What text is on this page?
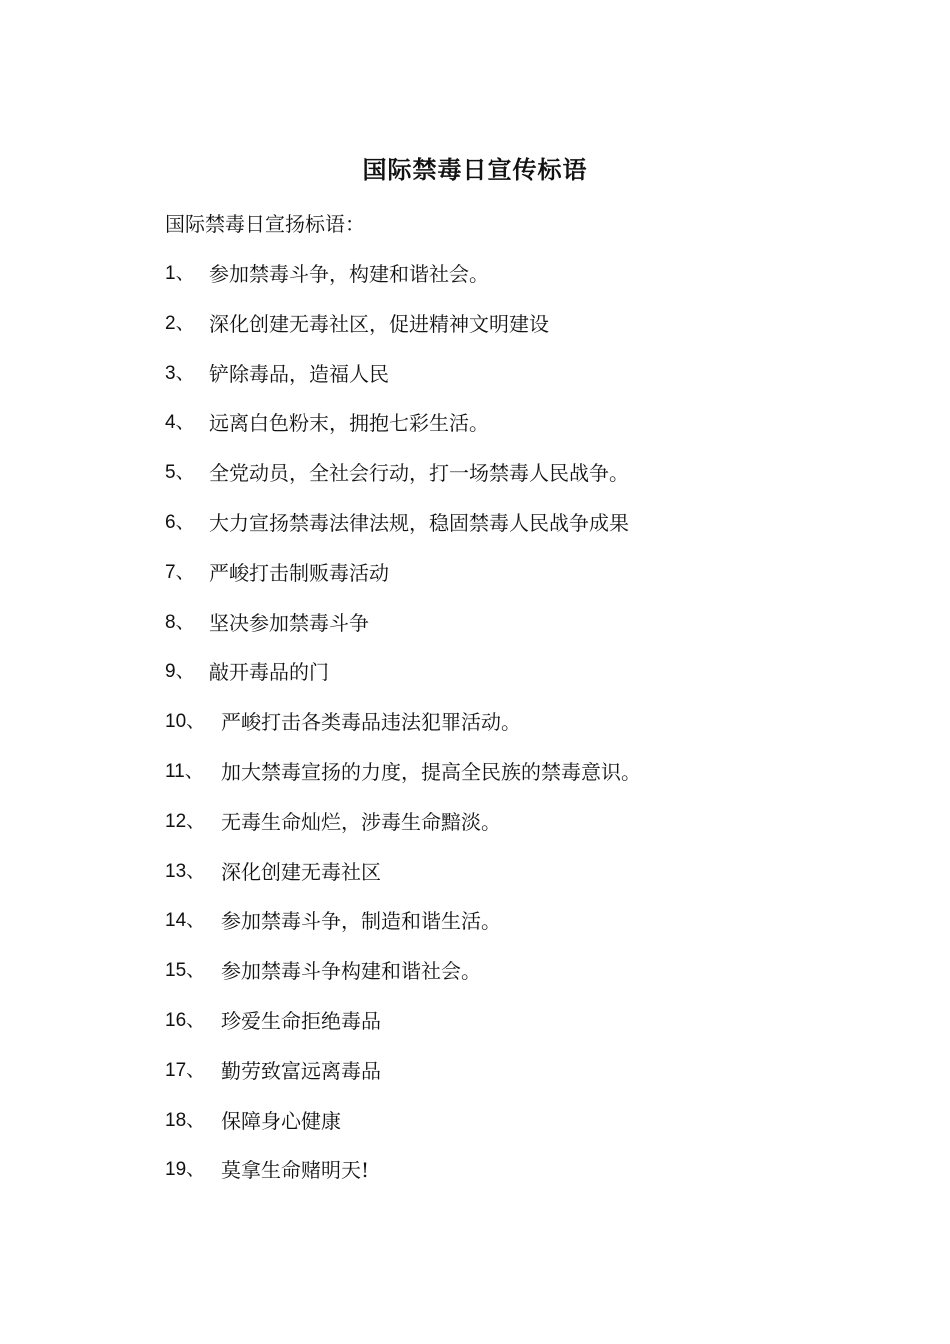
国际禁毒日宣传标语
国际禁毒日宣扬标语：
1、 参加禁毒斗争，构建和谐社会。
2、 深化创建无毒社区，促进精神文明建设
3、 铲除毒品，造福人民
4、 远离白色粉末，拥抱七彩生活。
5、 全党动员，全社会行动，打一场禁毒人民战争。
6、 大力宣扬禁毒法律法规，稳固禁毒人民战争成果
7、 严峻打击制贩毒活动
8、 坚决参加禁毒斗争
9、 敲开毒品的门
10、 严峻打击各类毒品违法犯罪活动。
11、 加大禁毒宣扬的力度，提高全民族的禁毒意识。
12、 无毒生命灿烂，涉毒生命黯淡。
13、 深化创建无毒社区
14、 参加禁毒斗争，制造和谐生活。
15、 参加禁毒斗争构建和谐社会。
16、 珍爱生命拒绝毒品
17、 勤劳致富远离毒品
18、 保障身心健康
19、 莫拿生命赌明天!
